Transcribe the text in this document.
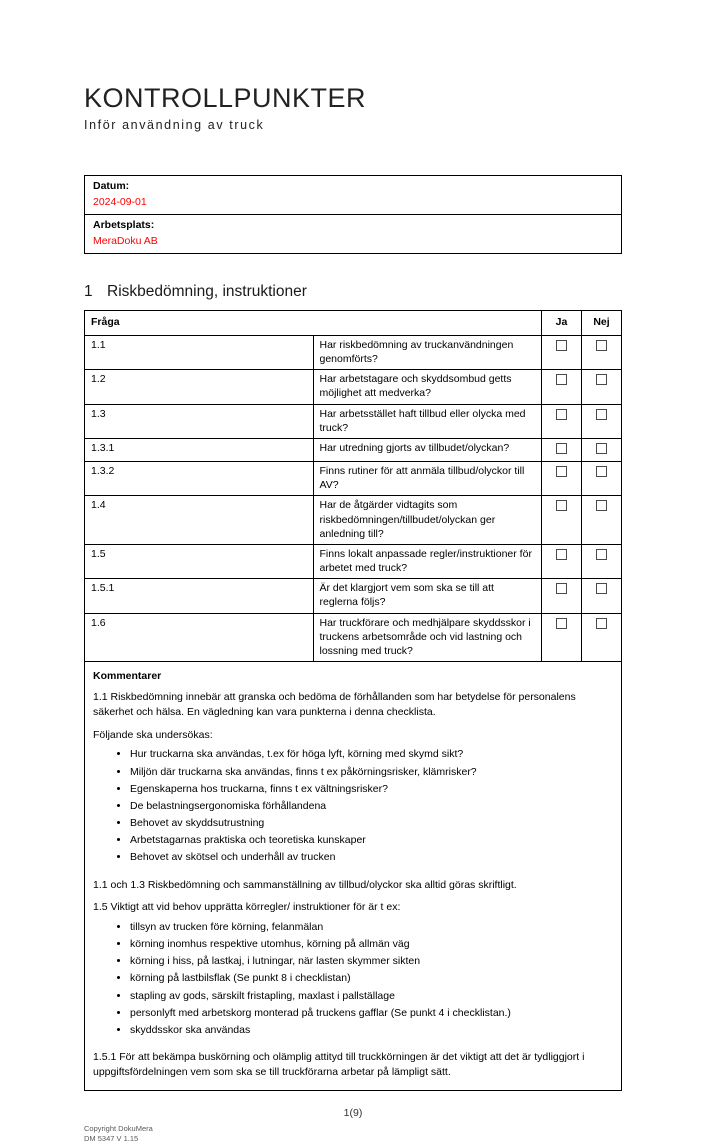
KONTROLLPUNKTER
Inför användning av truck
Datum:
2024-09-01

Arbetsplats:
MeraDoku AB
1 Riskbedömning, instruktioner
Fråga		Ja	Nej
1.1	Har riskbedömning av truckanvändningen genomförts?		
1.2	Har arbetstagare och skyddsombud getts möjlighet att medverka?		
1.3	Har arbetsstället haft tillbud eller olycka med truck?		
1.3.1	Har utredning gjorts av tillbudet/olyckan?		
1.3.2	Finns rutiner för att anmäla tillbud/olyckor till AV?		
1.4	Har de åtgärder vidtagits som riskbedömningen/tillbudet/olyckan ger anledning till?		
1.5	Finns lokalt anpassade regler/instruktioner för arbetet med truck?		
1.5.1	Är det klargjort vem som ska se till att reglerna följs?		
1.6	Har truckförare och medhjälpare skyddsskor i truckens arbetsområde och vid lastning och lossning med truck?		

Kommentarer
1.1 Riskbedömning innebär att granska och bedöma de förhållanden som har betydelse för personalens säkerhet och hälsa. En vägledning kan vara punkterna i denna checklista.
Följande ska undersökas:
• Hur truckarna ska användas, t.ex för höga lyft, körning med skymd sikt?
• Miljön där truckarna ska användas, finns t ex påkörningsrisker, klämrisker?
• Egenskaperna hos truckarna, finns t ex vältningsrisker?
• De belastningsergonomiska förhållandena
• Behovet av skyddsutrustning
• Arbetstagarnas praktiska och teoretiska kunskaper
• Behovet av skötsel och underhåll av trucken
1.1 och 1.3 Riskbedömning och sammanställning av tillbud/olyckor ska alltid göras skriftligt.
1.5 Viktigt att vid behov upprätta körregler/ instruktioner för är t ex:
• tillsyn av trucken före körning, felanmälan
• körning inomhus respektive utomhus, körning på allmän väg
• körning i hiss, på lastkaj, i lutningar, när lasten skymmer sikten
• körning på lastbilsflak (Se punkt 8 i checklistan)
• stapling av gods, särskilt fristapling, maxlast i pallställage
• personlyft med arbetskorg monterad på truckens gafflar (Se punkt 4 i checklistan.)
• skyddsskor ska användas
1.5.1 För att bekämpa buskörning och olämplig attityd till truckkörningen är det viktigt att det är tydliggjort i uppgiftsfördelningen vem som ska se till truckförarna arbetar på lämpligt sätt.
1(9)
Copyright DokuMera
DM 5347 V 1.15
